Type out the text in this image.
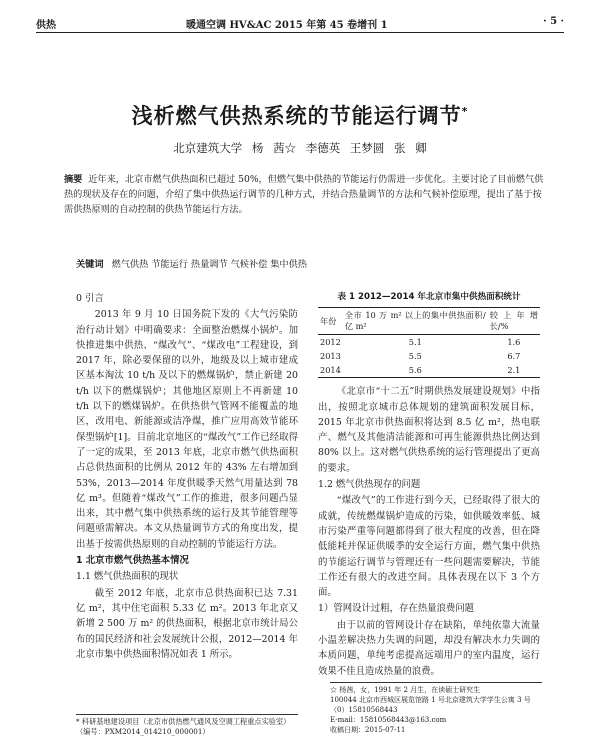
供热	暖通空调 HV&AC 2015 年第 45 卷增刊 1	· 5 ·
浅析燃气供热系统的节能运行调节*
北京建筑大学 杨 茜☆ 李德英 王梦圆 张 卿
摘要 近年来，北京市燃气供热面积已超过 50%，但燃气集中供热的节能运行仍需进一步优化。主要讨论了目前燃气供热的现状及存在的问题，介绍了集中供热运行调节的几种方式，并结合热量调节的方法和气候补偿原理，提出了基于按需供热原则的自动控制的供热节能运行方法。
关键词 燃气供热 节能运行 热量调节 气候补偿 集中供热

0 引言

2013 年 9 月 10 日国务院下发的《大气污染防治行动计划》中明确要求：全面整治燃煤小锅炉。加快推进集中供热、“煤改气”、“煤改电”工程建设，到 2017 年，除必要保留的以外，地级及以上城市建成区基本淘汰 10 t/h 及以下的燃煤锅炉，禁止新建 20 t/h 以下的燃煤锅炉；其他地区原则上不再新建 10 t/h 以下的燃煤锅炉。在供热供气管网不能覆盖的地区，改用电、新能源或洁净煤，推广应用高效节能环保型锅炉[1]。目前北京地区的“煤改气”工作已经取得了一定的成果，至 2013 年底，北京市燃气供热面积占总供热面积的比例从 2012 年的 43% 左右增加到 53%，2013—2014 年度供暖季天然气用量达到 78 亿 m³。但随着“煤改气”工作的推进，很多问题凸显出来，其中燃气集中供热系统的运行及其节能管理等问题亟需解决。本文从热量调节方式的角度出发，提出基于按需供热原则的自动控制的节能运行方法。

1 北京市燃气供热基本情况

1.1 燃气供热面积的现状

截至 2012 年底，北京市总供热面积已达 7.31 亿 m²，其中住宅面积 5.33 亿 m²。2013 年北京又新增 2 500 万 m² 的供热面积，根据北京市统计局公布的国民经济和社会发展统计公报，2012—2014 年北京市集中供热面积情况如表 1 所示。

表 1 2012—2014 年北京市集中供热面积统计
年份	全市 10 万 m² 以上的集中供热面积/亿 m²	较上年增长/%
2012	5.1	1.6
2013	5.5	6.7
2014	5.6	2.1

《北京市“十二五”时期供热发展建设规划》中指出，按照北京城市总体规划的建筑面积发展目标，2015 年北京市供热面积将达到 8.5 亿 m²，热电联产、燃气及其他清洁能源和可再生能源供热比例达到 80% 以上。这对燃气供热系统的运行管理提出了更高的要求。

1.2 燃气供热现存的问题

“煤改气”的工作进行到今天，已经取得了很大的成就，传统燃煤锅炉造成的污染，如供暖效率低、城市污染严重等问题都得到了很大程度的改善，但在降低能耗并保证供暖季的安全运行方面，燃气集中供热的节能运行调节与管理还有一些问题需要解决，节能工作还有很大的改进空间。具体表现在以下 3 个方面。

1）管网设计过粗，存在热量浪费问题

由于以前的管网设计存在缺陷，单纯依靠大流量小温差解决热力失调的问题，却没有解决水力失调的本质问题，单纯考虑提高远端用户的室内温度，运行效果不佳且造成热量的浪费。

* 科研基地建设项目（北京市供热燃气通风及空调工程重点实验室）（编号：PXM2014_014210_000001）
☆ 杨茜，女，1991 年 2 月生，在读硕士研究生
100044 北京市西城区展览馆路 1 号北京建筑大学学生公寓 3 号
（0）15810568443
E-mail：15810568443@163.com
收稿日期：2015-07-11
